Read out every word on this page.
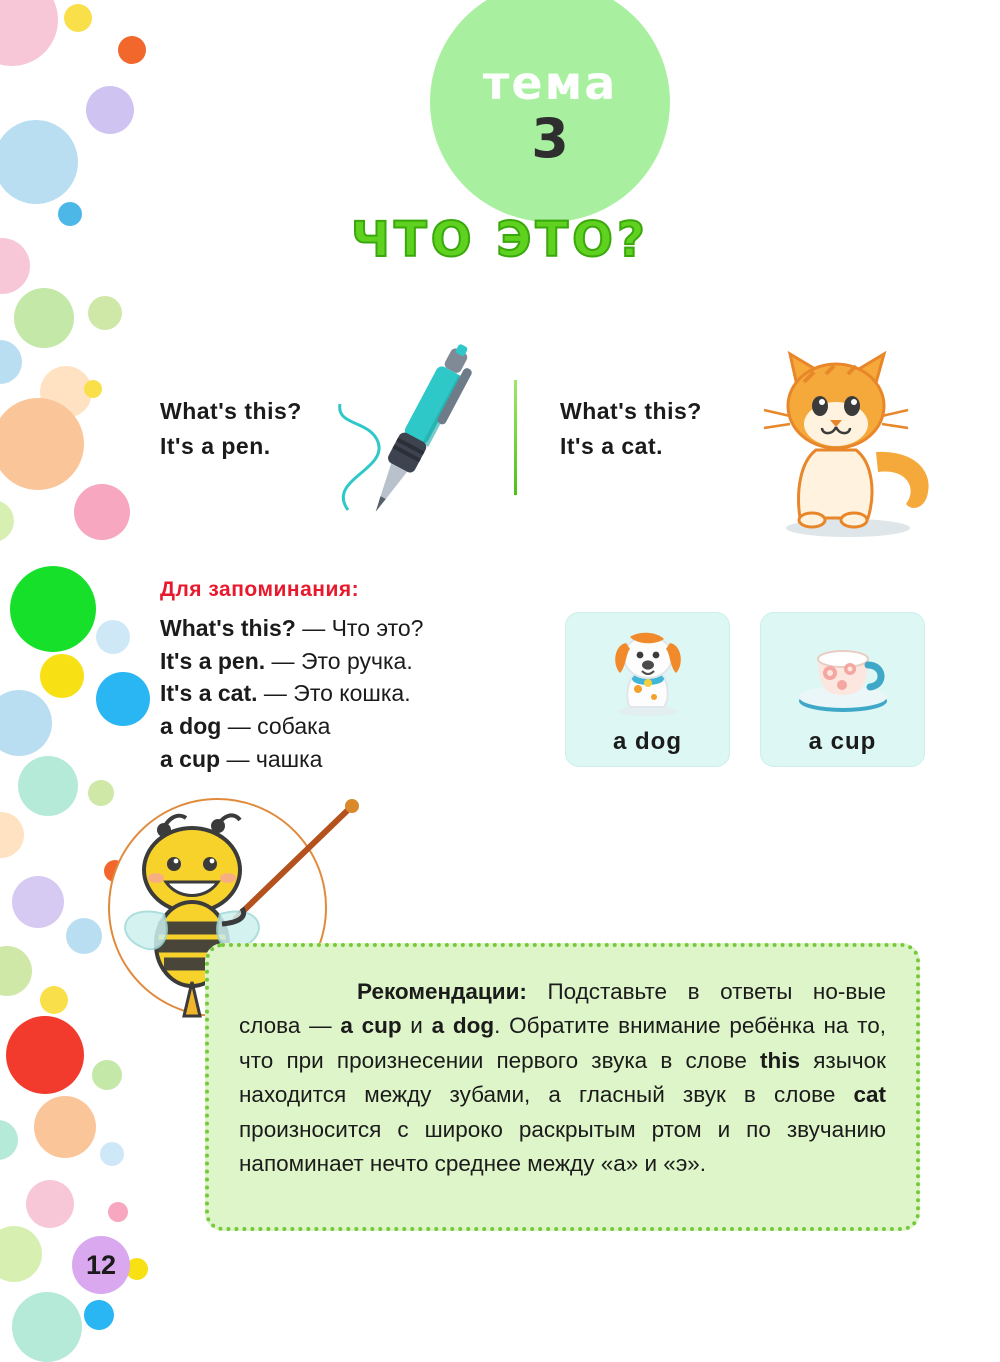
тема
3
ЧТО ЭТО?
What's this?
It's a pen.
What's this?
It's a cat.
Для запоминания:
What's this? — Что это?
It's a pen. — Это ручка.
It's a cat. — Это кошка.
a dog — собака
a cup — чашка
a dog	a cup
Рекомендации: Подставьте в ответы но-вые слова — a cup и a dog. Обратите внимание ребёнка на то, что при произнесении первого звука в слове this язычок находится между зубами, а гласный звук в слове cat произносится с широко раскрытым ртом и по звучанию напоминает нечто среднее между «а» и «э».
12
